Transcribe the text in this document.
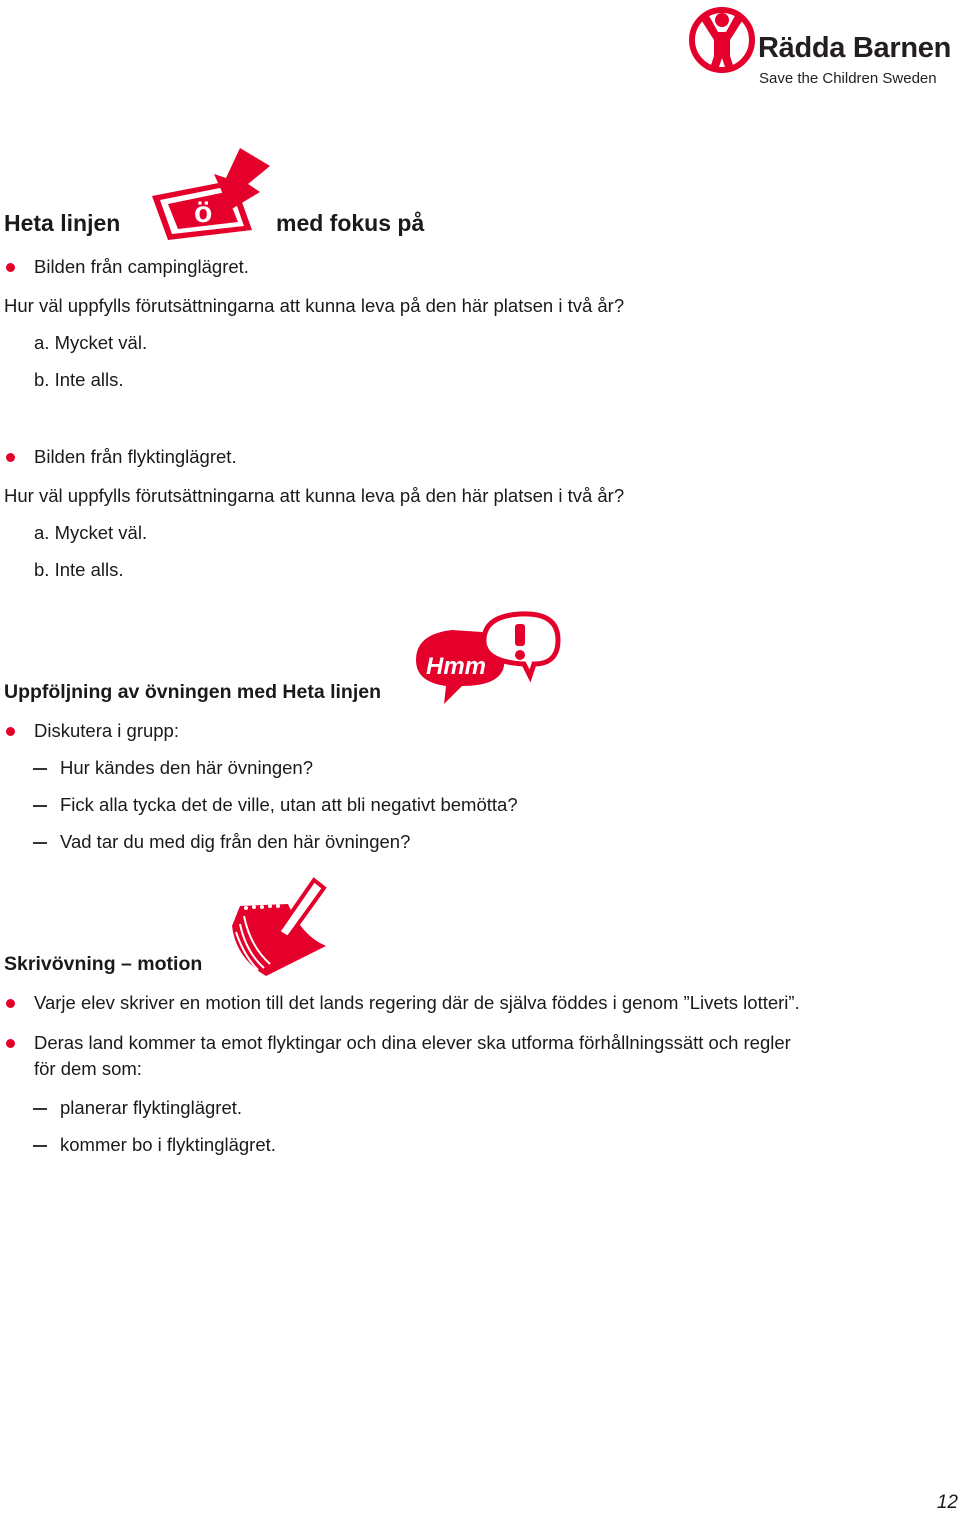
Rädda Barnen
Save the Children Sweden
Heta linjen ö	med fokus på
Bilden från campinglägret.
Hur väl uppfylls förutsättningarna att kunna leva på den här platsen i två år?
a. Mycket väl.
b. Inte alls.
Bilden från flyktinglägret.
Hur väl uppfylls förutsättningarna att kunna leva på den här platsen i två år?
a. Mycket väl.
b. Inte alls.
Uppföljning av övningen med Heta linjen
Hmm
Diskutera i grupp:
Hur kändes den här övningen?
Fick alla tycka det de ville, utan att bli negativt bemötta?
Vad tar du med dig från den här övningen?
Skrivövning – motion
Varje elev skriver en motion till det lands regering där de själva föddes i genom ”Livets lotteri”.
Deras land kommer ta emot flyktingar och dina elever ska utforma förhållningssätt och regler
för dem som:
planerar flyktinglägret.
kommer bo i flyktinglägret.
12
